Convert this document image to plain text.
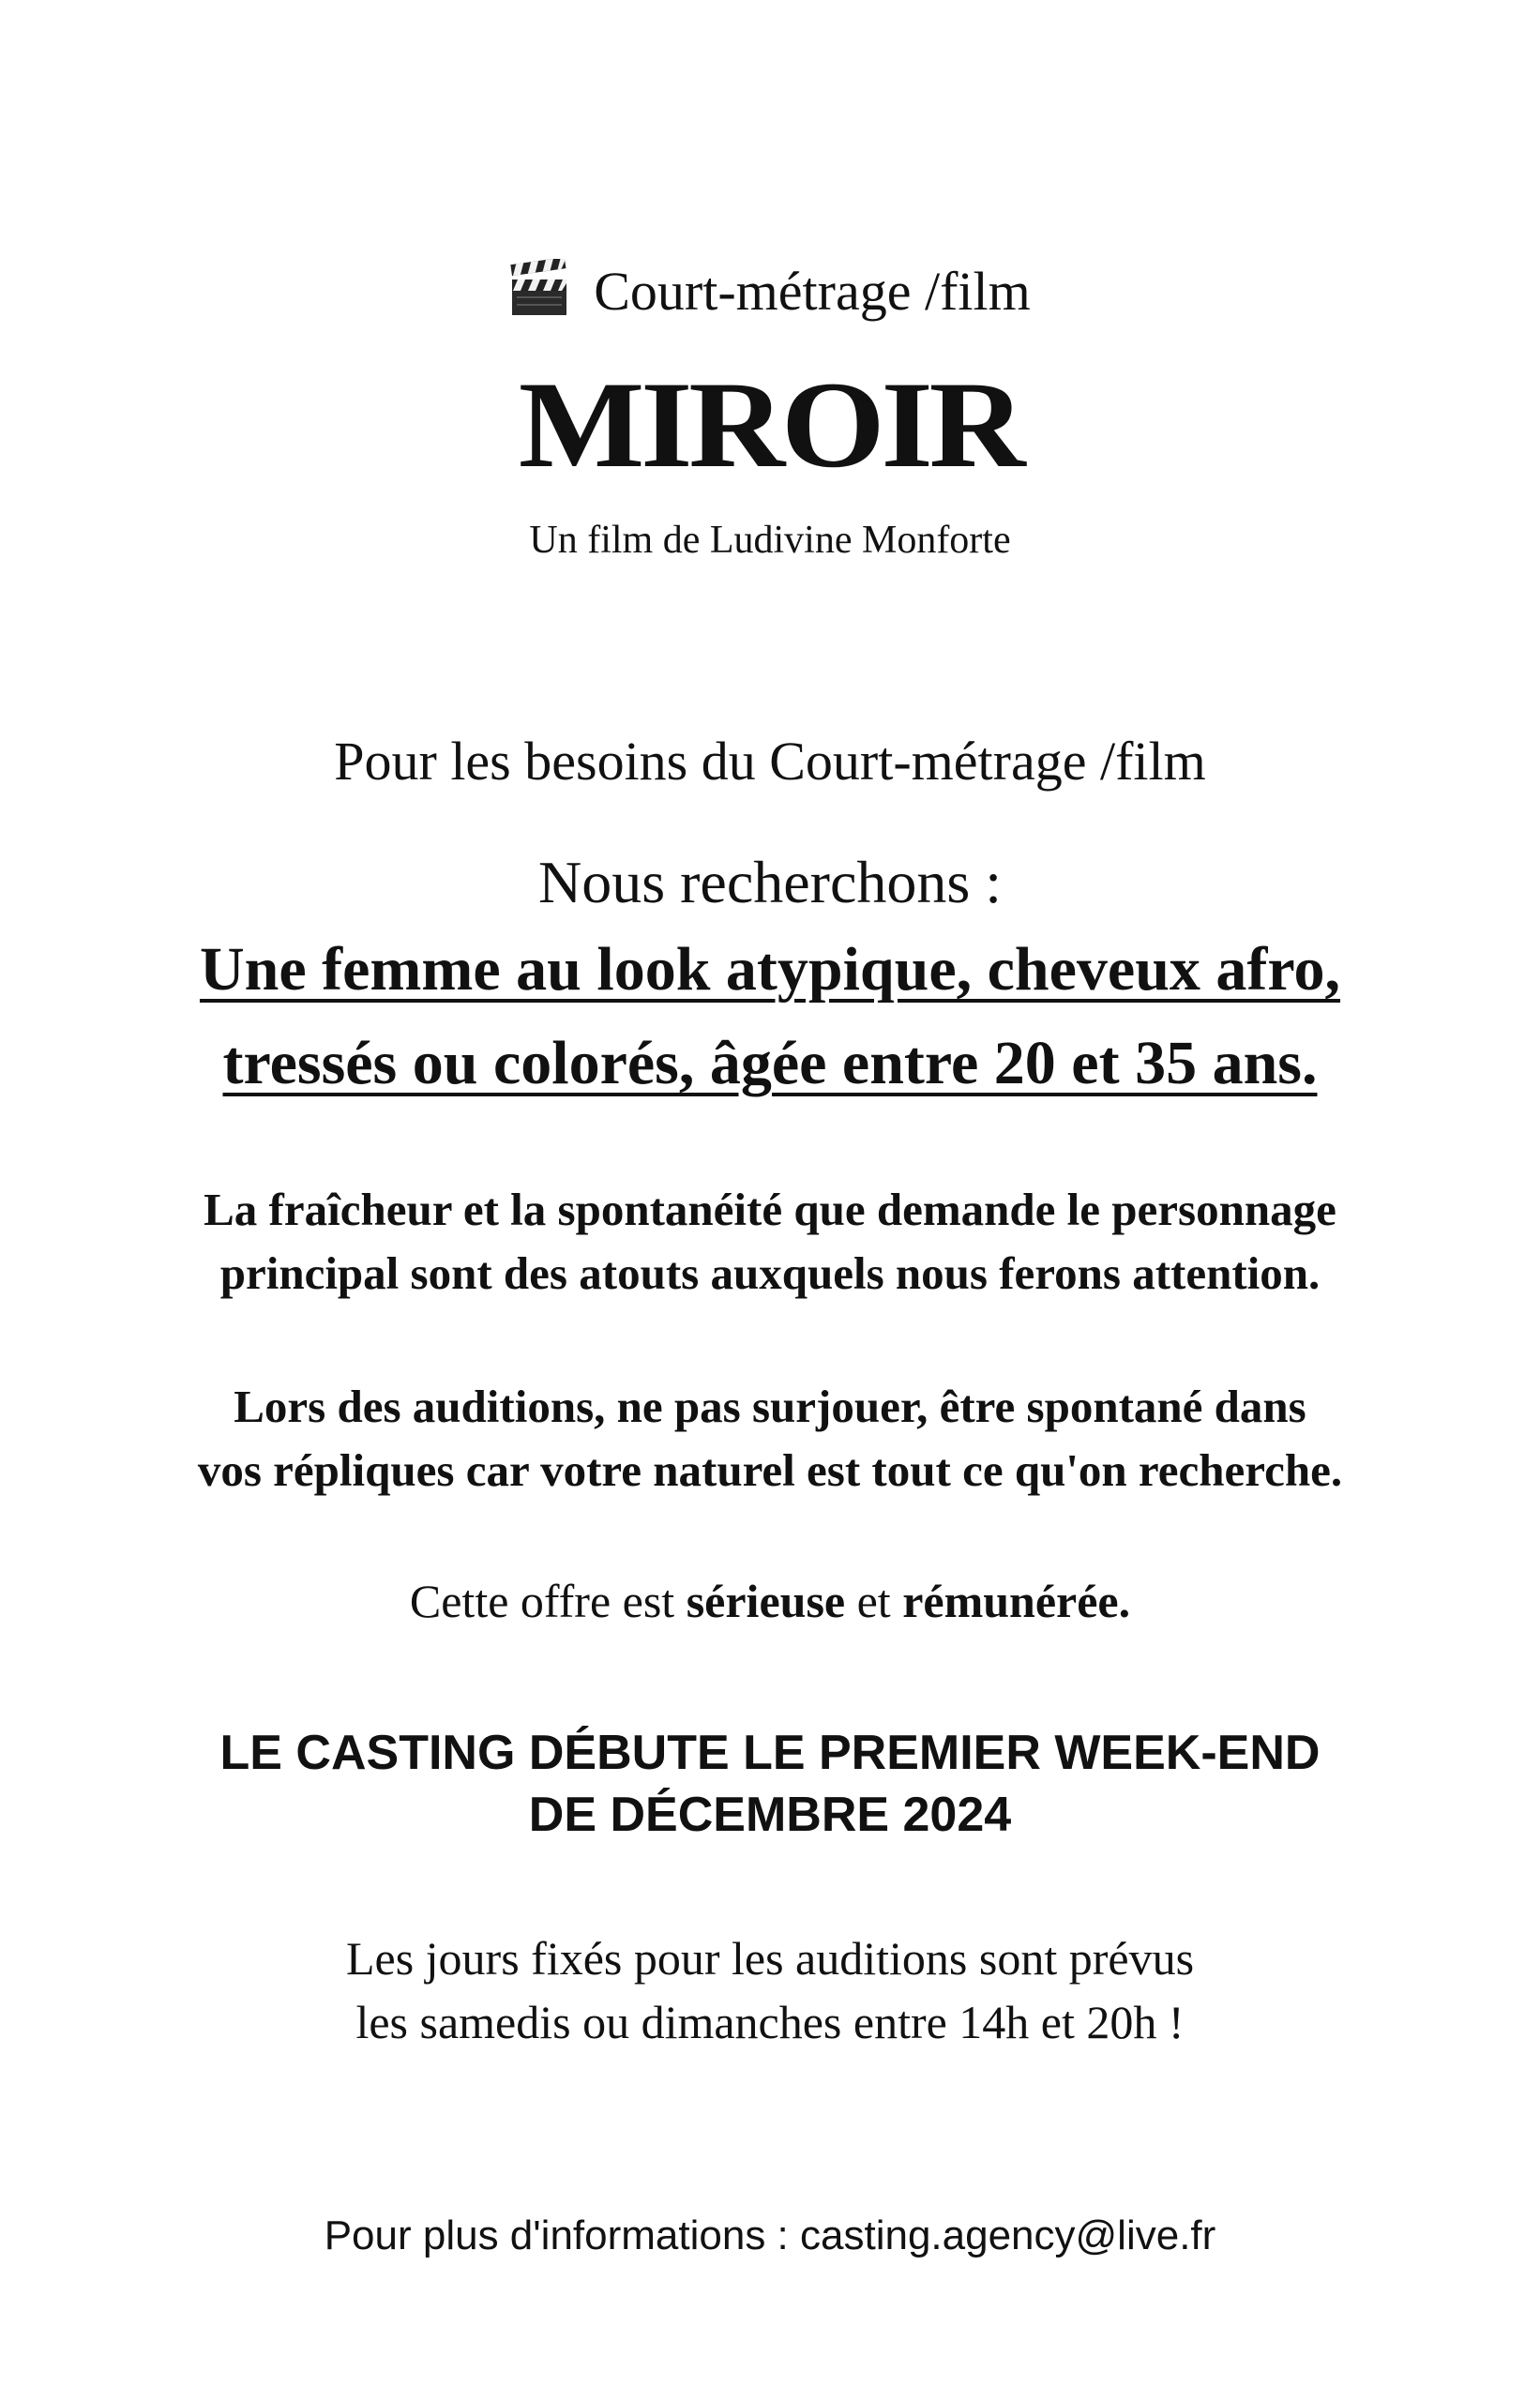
Court-métrage /film
MIROIR
Un film de Ludivine Monforte
Pour les besoins du Court-métrage /film
Nous recherchons :
Une femme au look atypique, cheveux afro,
tressés ou colorés, âgée entre 20 et 35 ans.
La fraîcheur et la spontanéité que demande le personnage
principal sont des atouts auxquels nous ferons attention.
Lors des auditions, ne pas surjouer, être spontané dans
vos répliques car votre naturel est tout ce qu'on recherche.
Cette offre est sérieuse et rémunérée.
LE CASTING DÉBUTE LE PREMIER WEEK-END
DE DÉCEMBRE 2024
Les jours fixés pour les auditions sont prévus
les samedis ou dimanches entre 14h et 20h !
Pour plus d'informations : casting.agency@live.fr
